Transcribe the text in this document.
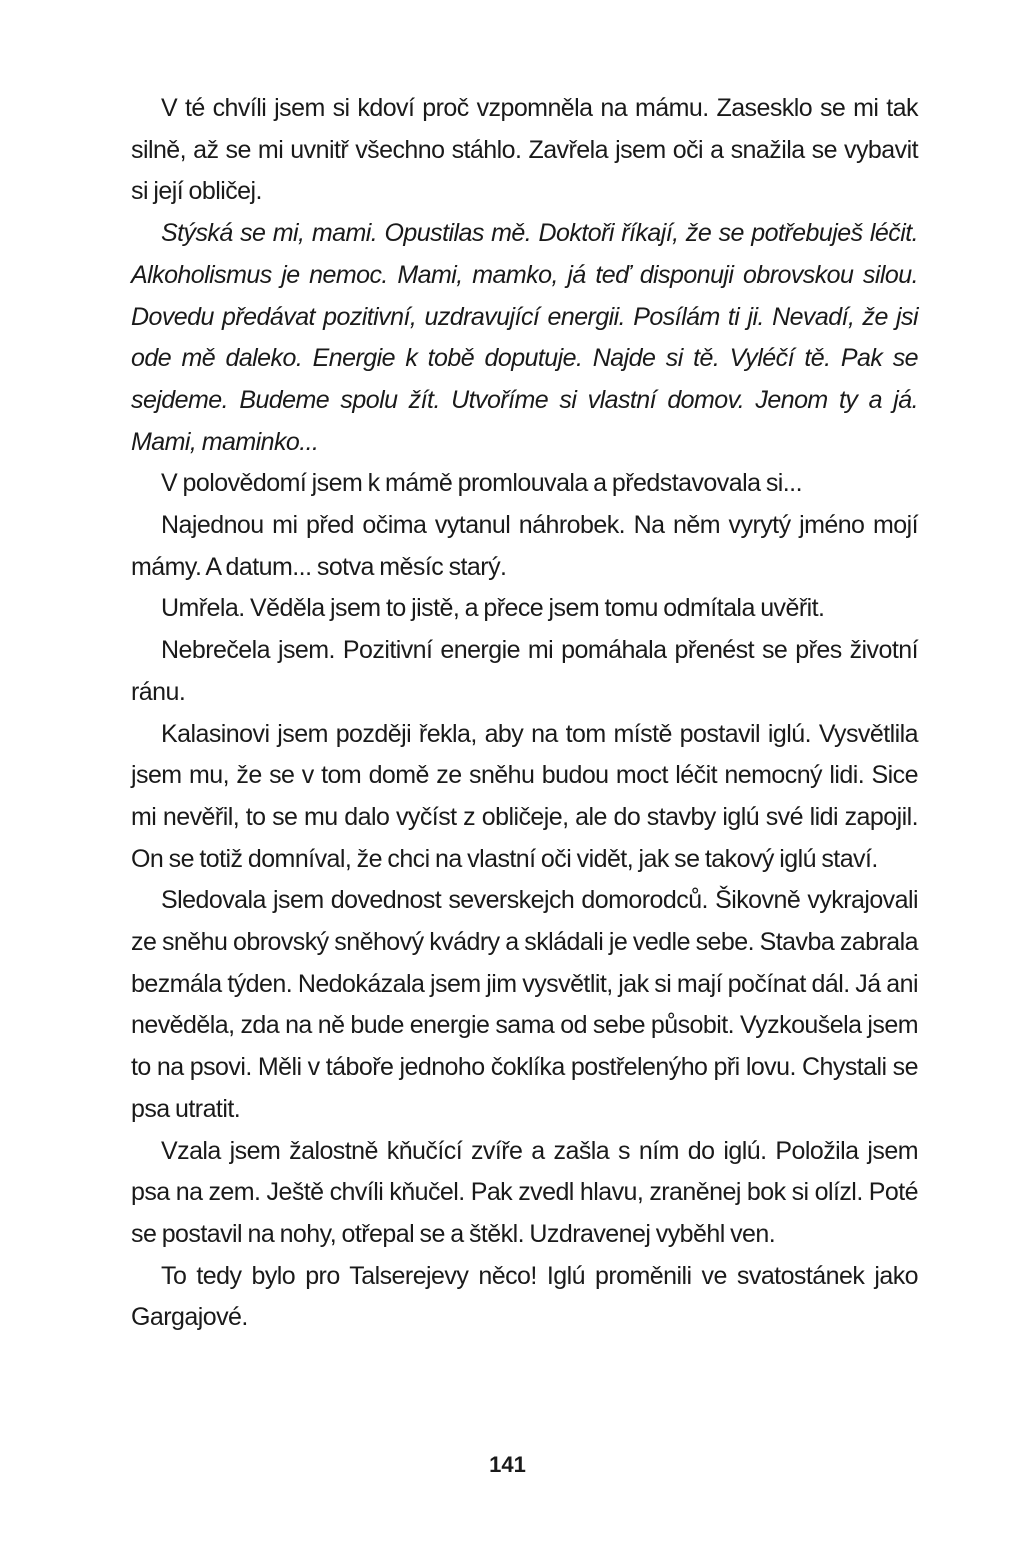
V té chvíli jsem si kdoví proč vzpomněla na mámu. Zasesklo se mi tak silně, až se mi uvnitř všechno stáhlo. Zavřela jsem oči a snažila se vybavit si její obličej.

Stýská se mi, mami. Opustilas mě. Doktoři říkají, že se potřebuješ léčit. Alkoholismus je nemoc. Mami, mamko, já teď disponuji obrovskou silou. Dovedu předávat pozitivní, uzdravující energii. Posílám ti ji. Nevadí, že jsi ode mě daleko. Energie k tobě doputuje. Najde si tě. Vyléčí tě. Pak se sejdeme. Budeme spolu žít. Utvoříme si vlastní domov. Jenom ty a já. Mami, maminko...

V polovědomí jsem k mámě promlouvala a představovala si...

Najednou mi před očima vytanul náhrobek. Na něm vyrytý jméno mojí mámy. A datum... sotva měsíc starý.

Umřela. Věděla jsem to jistě, a přece jsem tomu odmítala uvěřit.

Nebrečela jsem. Pozitivní energie mi pomáhala přenést se přes životní ránu.

Kalasinovi jsem později řekla, aby na tom místě postavil iglú. Vysvětlila jsem mu, že se v tom domě ze sněhu budou moct léčit nemocný lidi. Sice mi nevěřil, to se mu dalo vyčíst z obličeje, ale do stavby iglú své lidi zapojil. On se totiž domníval, že chci na vlastní oči vidět, jak se takový iglú staví.

Sledovala jsem dovednost severskejch domorodců. Šikovně vykrajovali ze sněhu obrovský sněhový kvádry a skládali je vedle sebe. Stavba zabrala bezmála týden. Nedokázala jsem jim vysvětlit, jak si mají počínat dál. Já ani nevěděla, zda na ně bude energie sama od sebe působit. Vyzkoušela jsem to na psovi. Měli v táboře jednoho čoklíka postřelenýho při lovu. Chystali se psa utratit.

Vzala jsem žalostně kňučící zvíře a zašla s ním do iglú. Položila jsem psa na zem. Ještě chvíli kňučel. Pak zvedl hlavu, zraněnej bok si olízl. Poté se postavil na nohy, otřepal se a štěkl. Uzdravenej vyběhl ven.

To tedy bylo pro Talserejevy něco! Iglú proměnili ve svatostánek jako Gargajové.

141
